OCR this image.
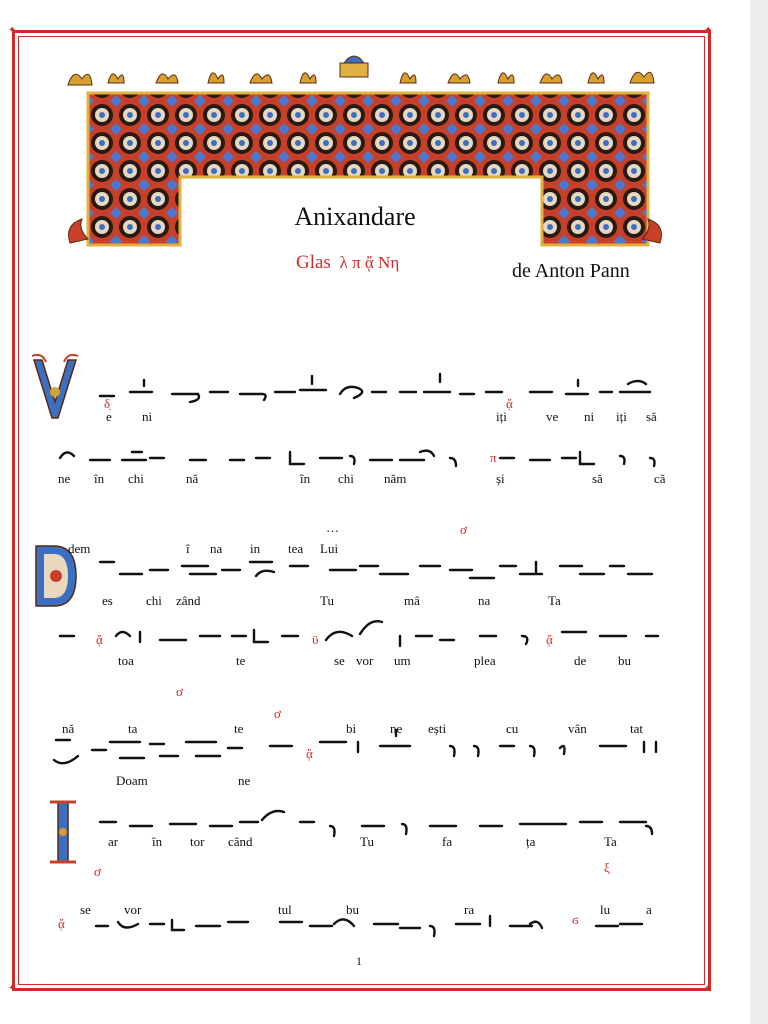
✦	✦
✦	✦
Anixandare
Glas λ π ᾄ Νη	de Anton Pann
δ̣	ᾄ
π
ơ
ᾄ	ϋ	ᾄ
ơ
ơ
ᾄ
ơ	ξ
ᾄ	ϭ
e ni	iți	ve ni iți să
ne în chi	nă	în chi năm	și	să	că
dem	î na in tea Lui
…
es	chi zând	Tu	mâ	na	Ta
toa	te	se vor um	plea	de bu
nă	ta	te	bi	ne ești	cu	vân	tat
Doam	ne
ar	în tor când	Tu	fa	ța	Ta
se	vor	tul	bu	ra	lu	a
1
